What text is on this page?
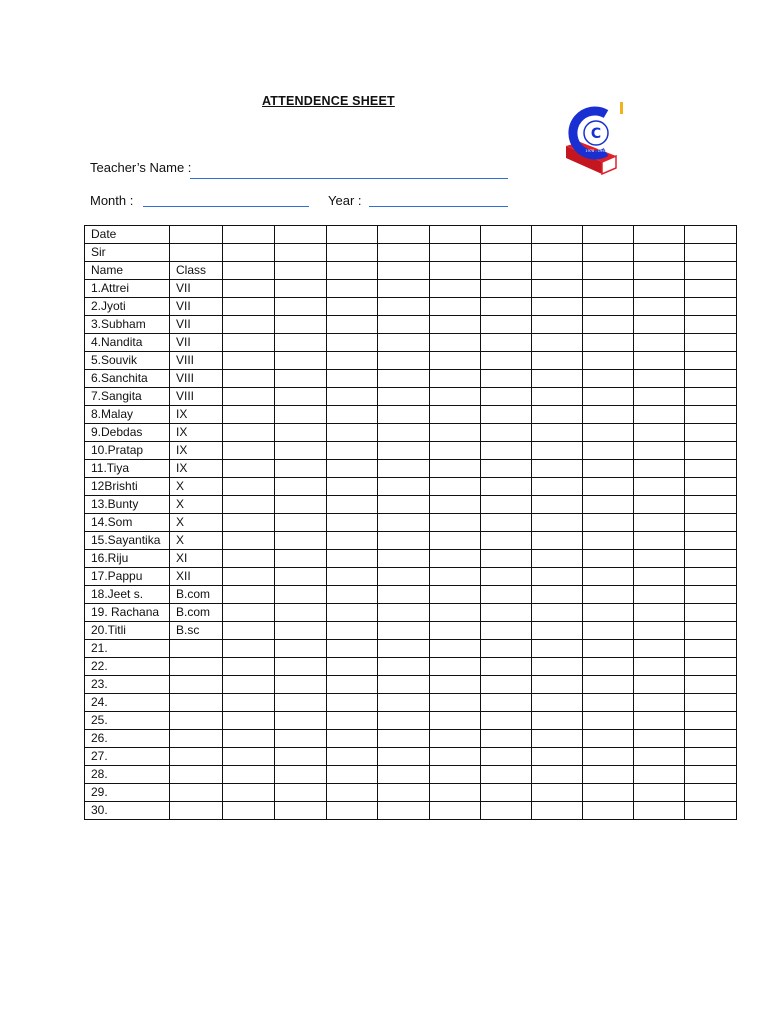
ATTENDENCE SHEET
C
1978 - 1992
Teacher’s Name :
Month :	Year :
Date											
Sir											
Name	Class										
1.Attrei	VII										
2.Jyoti	VII										
3.Subham	VII										
4.Nandita	VII										
5.Souvik	VIII										
6.Sanchita	VIII										
7.Sangita	VIII										
8.Malay	IX										
9.Debdas	IX										
10.Pratap	IX										
11.Tiya	IX										
12Brishti	X										
13.Bunty	X										
14.Som	X										
15.Sayantika	X										
16.Riju	XI										
17.Pappu	XII										
18.Jeet s.	B.com										
19. Rachana	B.com										
20.Titli	B.sc										
21.											
22.											
23.											
24.											
25.											
26.											
27.											
28.											
29.											
30.											
